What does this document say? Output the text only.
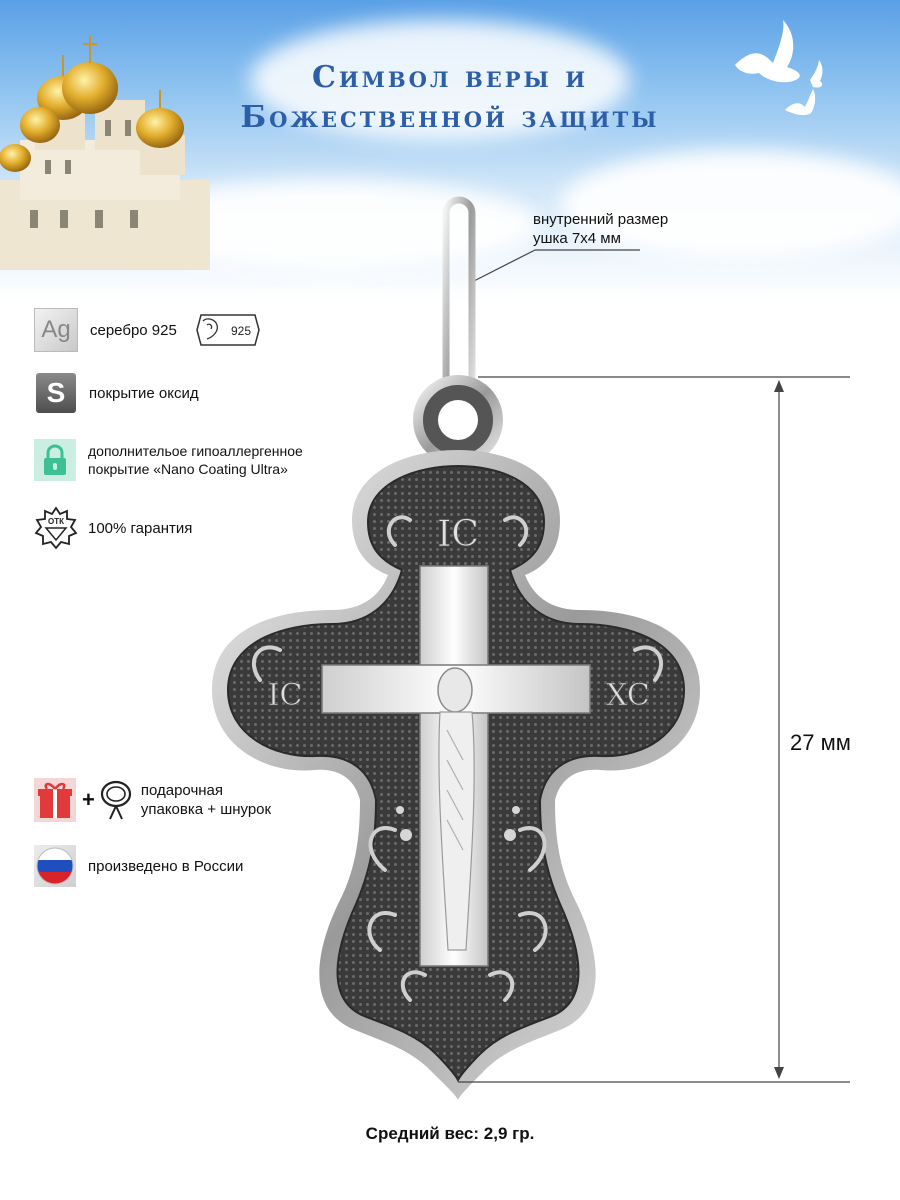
Символ веры и
Божественной защиты
IC
IC	XC
внутренний размер
ушка 7х4 мм
27 мм
Ag	серебро 925	925
S	покрытие оксид
дополнительое гипоаллергенное
покрытие «Nano Coating Ultra»
ОТК 100% гарантия
+	подарочная
упаковка + шнурок
произведено в России
Средний вес: 2,9 гр.
